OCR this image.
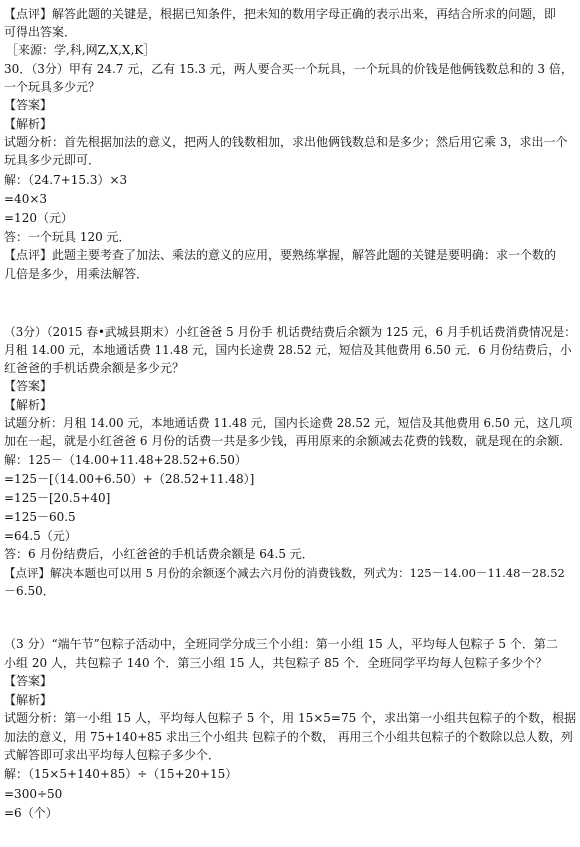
【点评】解答此题的关键是，根据已知条件，把未知的数用字母正确的表示出来，再结合所求的问题，即
可得出答案．
［来源：学,科,网Z,X,X,K］
30．（3分）甲有 24.7 元，乙有 15.3 元，两人要合买一个玩具，一个玩具的价钱是他俩钱数总和的 3 倍，
一个玩具多少元？
【答案】
【解析】
试题分析：首先根据加法的意义，把两人的钱数相加，求出他俩钱数总和是多少；然后用它乘 3，求出一个
玩具多少元即可．
解：（24.7+15.3）×3
=40×3
=120（元）
答：一个玩具 120 元．
【点评】此题主要考查了加法、乘法的意义的应用，要熟练掌握，解答此题的关键是要明确：求一个数的
几倍是多少，用乘法解答．
（3分）（2015 春•武城县期末）小红爸爸 5 月份手 机话费结费后余额为 125 元，6 月手机话费消费情况是：
月租 14.00 元，本地通话费 11.48 元，国内长途费 28.52 元，短信及其他费用 6.50 元．6 月份结费后，小
红爸爸的手机话费余额是多少元？
【答案】
【解析】
试题分析：月租 14.00 元，本地通话费 11.48 元，国内长途费 28.52 元，短信及其他费用 6.50 元，这几项
加在一起，就是小红爸爸 6 月份的话费一共是多少钱，再用原来的余额减去花费的钱数，就是现在的余额．
解：125－（14.00+11.48+28.52+6.50）
=125－[（14.00+6.50）+（28.52+11.48）]
=125－[20.5+40]
=125－60.5
=64.5（元）
答：6 月份结费后，小红爸爸的手机话费余额是 64.5 元．
【点评】解决本题也可以用 5 月份的余额逐个减去六月份的消费钱数，列式为：125－14.00－11.48－28.52
－6.50．
（3 分）“端午节”包粽子活动中，全班同学分成三个小组：第一小组 15 人，平均每人包粽子 5 个．第二
小组 20 人，共包粽子 140 个．第三小组 15 人，共包粽子 85 个．全班同学平均每人包粽子多少个？
【答案】
【解析】
试题分析：第一小组 15 人，平均每人包粽子 5 个，用 15×5=75 个，求出第一小组共包粽子的个数，根据
加法的意义，用 75+140+85 求出三个小组共 包粽子的个数， 再用三个小组共包粽子的个数除以总人数，列
式解答即可求出平均每人包粽子多少个．
解：（15×5+140+85）÷（15+20+15）
=300÷50
=6（个）
